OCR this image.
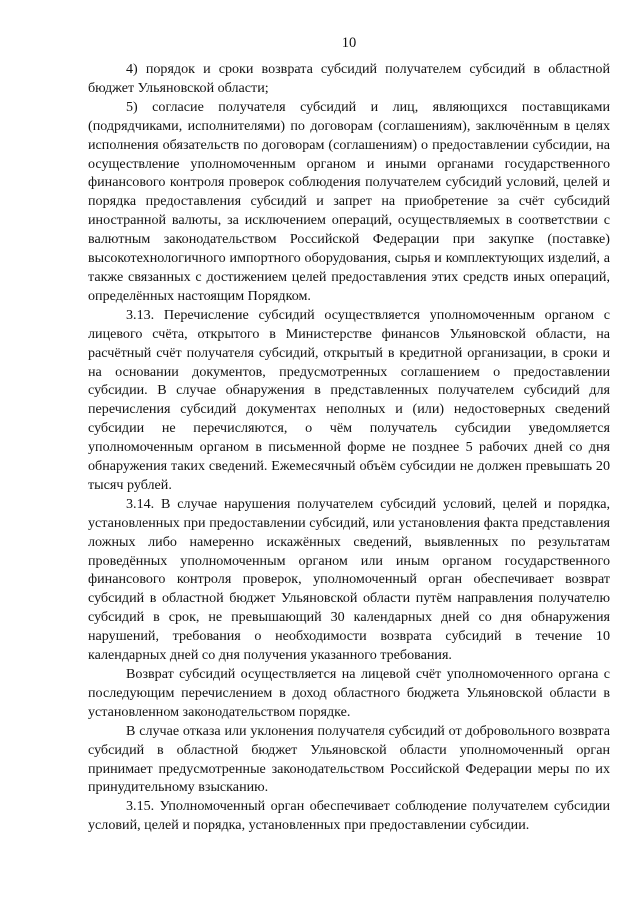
10

4) порядок и сроки возврата субсидий получателем субсидий в областной бюджет Ульяновской области;

5) согласие получателя субсидий и лиц, являющихся поставщиками (подрядчиками, исполнителями) по договорам (соглашениям), заключённым в целях исполнения обязательств по договорам (соглашениям) о предоставлении субсидии, на осуществление уполномоченным органом и иными органами государственного финансового контроля проверок соблюдения получателем субсидий условий, целей и порядка предоставления субсидий и запрет на приобретение за счёт субсидий иностранной валюты, за исключением операций, осуществляемых в соответствии с валютным законодательством Российской Федерации при закупке (поставке) высокотехнологичного импортного оборудования, сырья и комплектующих изделий, а также связанных с достижением целей предоставления этих средств иных операций, определённых настоящим Порядком.

3.13. Перечисление субсидий осуществляется уполномоченным органом с лицевого счёта, открытого в Министерстве финансов Ульяновской области, на расчётный счёт получателя субсидий, открытый в кредитной организации, в сроки и на основании документов, предусмотренных соглашением о предоставлении субсидии. В случае обнаружения в представленных получателем субсидий для перечисления субсидий документах неполных и (или) недостоверных сведений субсидии не перечисляются, о чём получатель субсидии уведомляется уполномоченным органом в письменной форме не позднее 5 рабочих дней со дня обнаружения таких сведений. Ежемесячный объём субсидии не должен превышать 20 тысяч рублей.

3.14. В случае нарушения получателем субсидий условий, целей и порядка, установленных при предоставлении субсидий, или установления факта представления ложных либо намеренно искажённых сведений, выявленных по результатам проведённых уполномоченным органом или иным органом государственного финансового контроля проверок, уполномоченный орган обеспечивает возврат субсидий в областной бюджет Ульяновской области путём направления получателю субсидий в срок, не превышающий 30 календарных дней со дня обнаружения нарушений, требования о необходимости возврата субсидий в течение 10 календарных дней со дня получения указанного требования.

Возврат субсидий осуществляется на лицевой счёт уполномоченного органа с последующим перечислением в доход областного бюджета Ульяновской области в установленном законодательством порядке.

В случае отказа или уклонения получателя субсидий от добровольного возврата субсидий в областной бюджет Ульяновской области уполномоченный орган принимает предусмотренные законодательством Российской Федерации меры по их принудительному взысканию.

3.15. Уполномоченный орган обеспечивает соблюдение получателем субсидии условий, целей и порядка, установленных при предоставлении субсидии.
